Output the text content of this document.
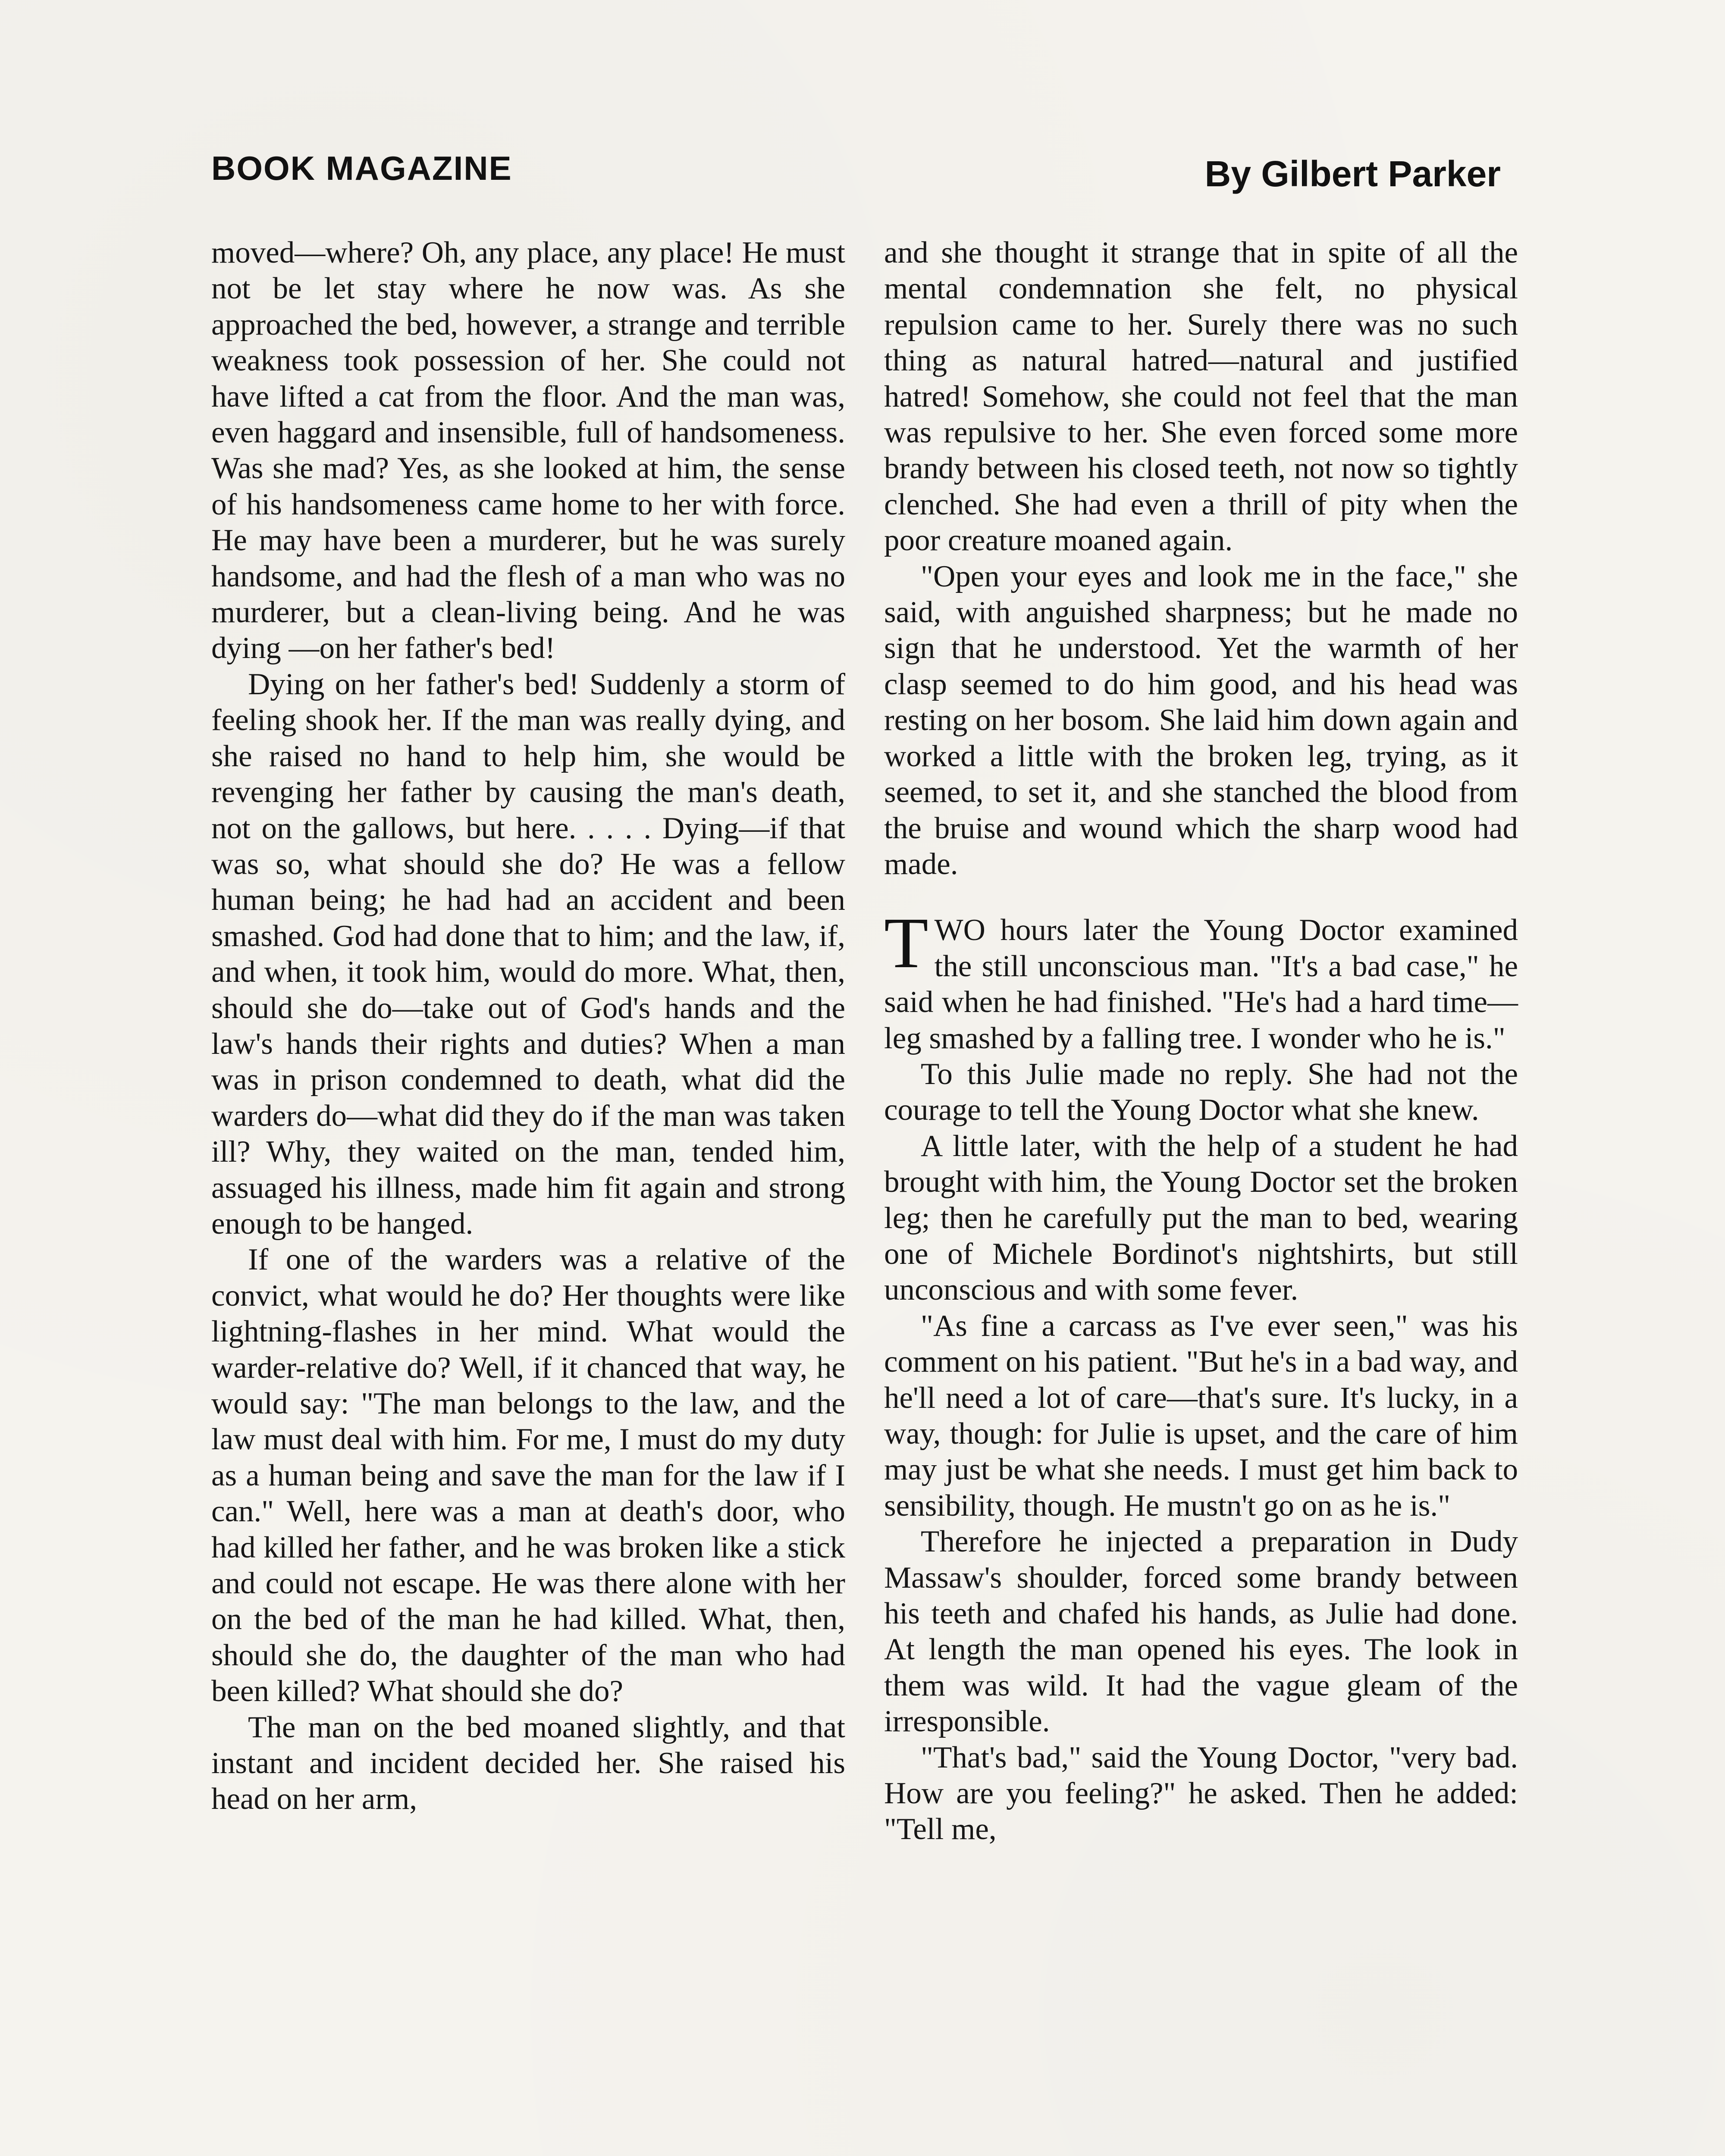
BOOK MAGAZINE	By Gilbert Parker

moved—where? Oh, any place, any place! He must not be let stay where he now was. As she approached the bed, however, a strange and terrible weakness took possession of her. She could not have lifted a cat from the floor. And the man was, even haggard and insensible, full of handsomeness. Was she mad? Yes, as she looked at him, the sense of his handsomeness came home to her with force. He may have been a murderer, but he was surely handsome, and had the flesh of a man who was no murderer, but a clean-living being. And he was dying —on her father's bed!

Dying on her father's bed! Suddenly a storm of feeling shook her. If the man was really dying, and she raised no hand to help him, she would be revenging her father by causing the man's death, not on the gallows, but here. . . . . Dying—if that was so, what should she do? He was a fellow human being; he had had an accident and been smashed. God had done that to him; and the law, if, and when, it took him, would do more. What, then, should she do—take out of God's hands and the law's hands their rights and duties? When a man was in prison condemned to death, what did the warders do—what did they do if the man was taken ill? Why, they waited on the man, tended him, assuaged his illness, made him fit again and strong enough to be hanged.

If one of the warders was a relative of the convict, what would he do? Her thoughts were like lightning-flashes in her mind. What would the warder-relative do? Well, if it chanced that way, he would say: "The man belongs to the law, and the law must deal with him. For me, I must do my duty as a human being and save the man for the law if I can." Well, here was a man at death's door, who had killed her father, and he was broken like a stick and could not escape. He was there alone with her on the bed of the man he had killed. What, then, should she do, the daughter of the man who had been killed? What should she do?

The man on the bed moaned slightly, and that instant and incident decided her. She raised his head on her arm,

and she thought it strange that in spite of all the mental condemnation she felt, no physical repulsion came to her. Surely there was no such thing as natural hatred—natural and justified hatred! Somehow, she could not feel that the man was repulsive to her. She even forced some more brandy between his closed teeth, not now so tightly clenched. She had even a thrill of pity when the poor creature moaned again.

"Open your eyes and look me in the face," she said, with anguished sharpness; but he made no sign that he understood. Yet the warmth of her clasp seemed to do him good, and his head was resting on her bosom. She laid him down again and worked a little with the broken leg, trying, as it seemed, to set it, and she stanched the blood from the bruise and wound which the sharp wood had made.

T WO hours later the Young Doctor examined the still unconscious man. "It's a bad case," he said when he had finished. "He's had a hard time—leg smashed by a falling tree. I wonder who he is."

To this Julie made no reply. She had not the courage to tell the Young Doctor what she knew.

A little later, with the help of a student he had brought with him, the Young Doctor set the broken leg; then he carefully put the man to bed, wearing one of Michele Bordinot's nightshirts, but still unconscious and with some fever.

"As fine a carcass as I've ever seen," was his comment on his patient. "But he's in a bad way, and he'll need a lot of care—that's sure. It's lucky, in a way, though: for Julie is upset, and the care of him may just be what she needs. I must get him back to sensibility, though. He mustn't go on as he is."

Therefore he injected a preparation in Dudy Massaw's shoulder, forced some brandy between his teeth and chafed his hands, as Julie had done. At length the man opened his eyes. The look in them was wild. It had the vague gleam of the irresponsible.

"That's bad," said the Young Doctor, "very bad. How are you feeling?" he asked. Then he added: "Tell me,
